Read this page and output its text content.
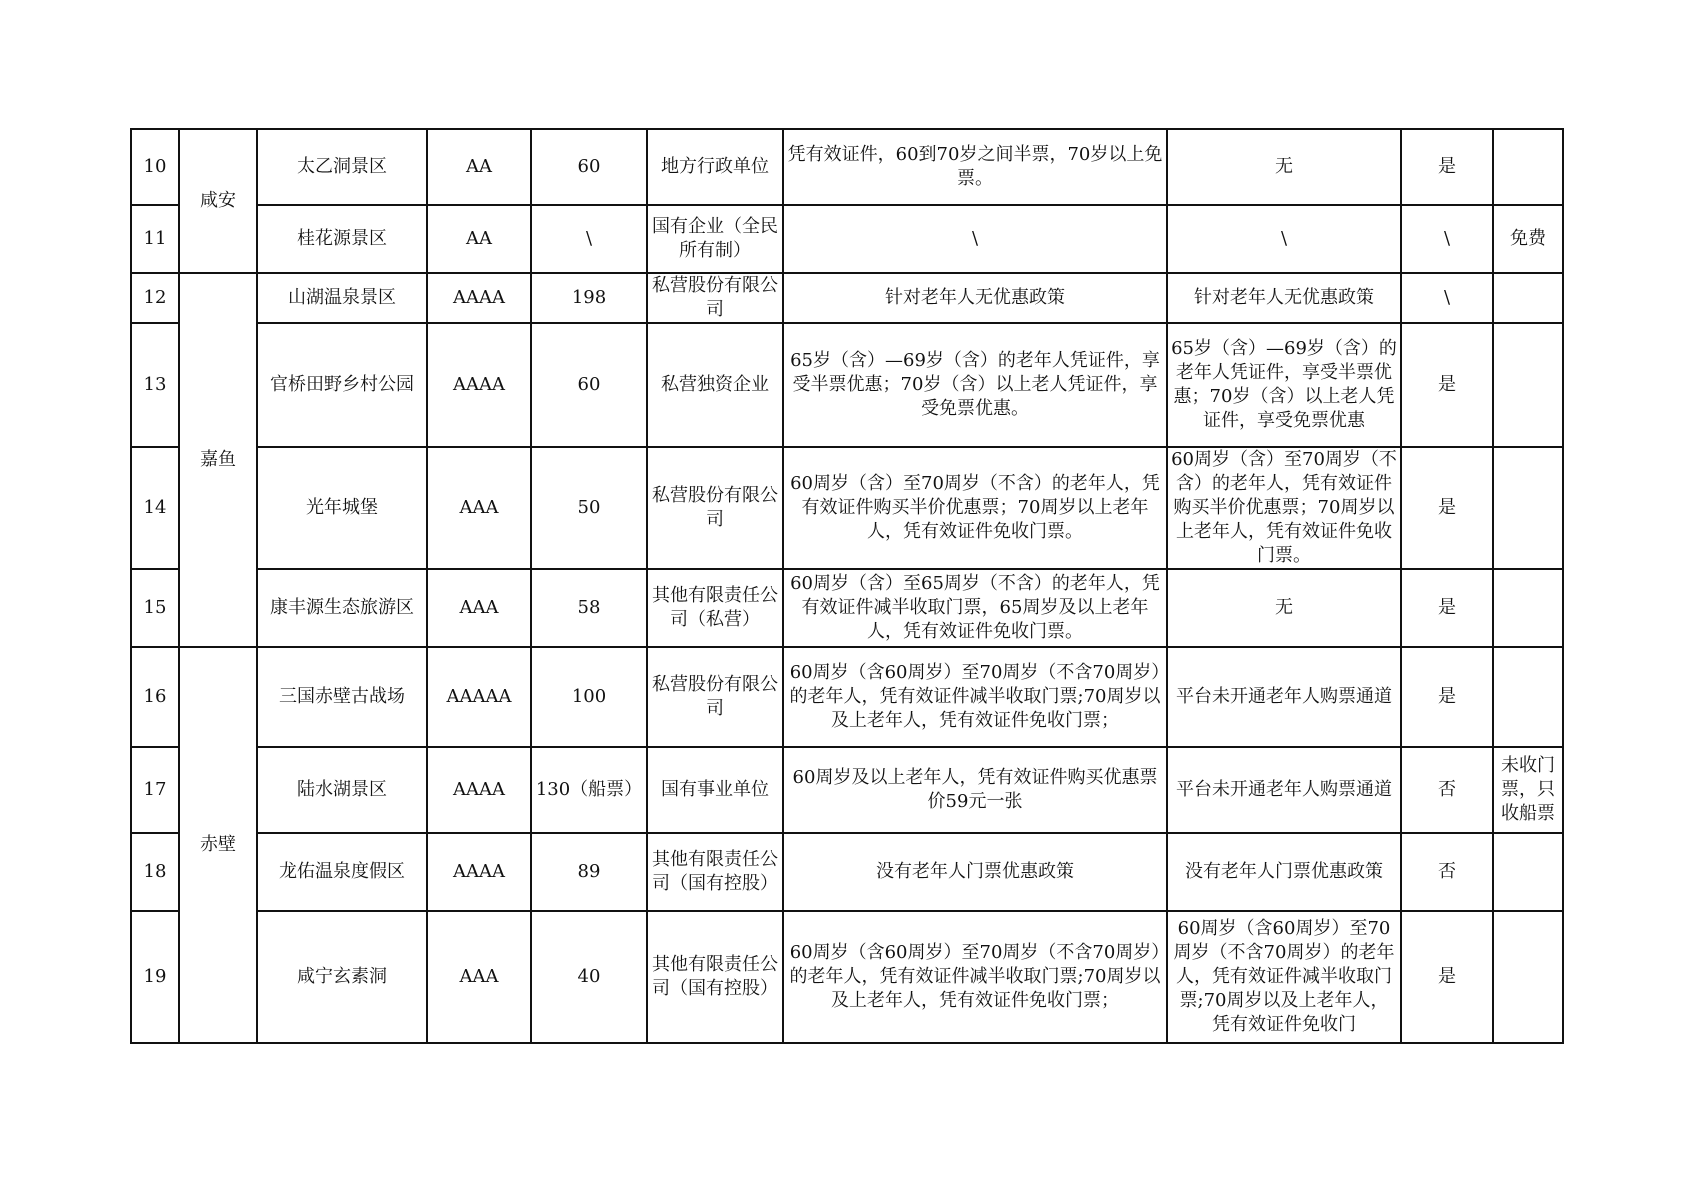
10	咸安	太乙洞景区	AA	60	地方行政单位	凭有效证件，60到70岁之间半票，70岁以上免票。	无	是	
11		桂花源景区	AA	\	国有企业（全民所有制）	\	\	\	免费
12	嘉鱼	山湖温泉景区	AAAA	198	私营股份有限公司	针对老年人无优惠政策	针对老年人无优惠政策	\	
13		官桥田野乡村公园	AAAA	60	私营独资企业	65岁（含）—69岁（含）的老年人凭证件，享受半票优惠；70岁（含）以上老人凭证件，享受免票优惠。	65岁（含）—69岁（含）的老年人凭证件，享受半票优惠；70岁（含）以上老人凭证件，享受免票优惠	是	
14		光年城堡	AAA	50	私营股份有限公司	60周岁（含）至70周岁（不含）的老年人，凭有效证件购买半价优惠票；70周岁以上老年人，凭有效证件免收门票。	60周岁（含）至70周岁（不含）的老年人，凭有效证件购买半价优惠票；70周岁以上老年人，凭有效证件免收门票。	是	
15		康丰源生态旅游区	AAA	58	其他有限责任公司（私营）	60周岁（含）至65周岁（不含）的老年人，凭有效证件减半收取门票，65周岁及以上老年人，凭有效证件免收门票。	无	是	
16	赤壁	三国赤壁古战场	AAAAA	100	私营股份有限公司	60周岁（含60周岁）至70周岁（不含70周岁）的老年人，凭有效证件减半收取门票;70周岁以及上老年人，凭有效证件免收门票；	平台未开通老年人购票通道	是	
17		陆水湖景区	AAAA	130（船票）	国有事业单位	60周岁及以上老年人，凭有效证件购买优惠票价59元一张	平台未开通老年人购票通道	否	未收门票，只收船票
18		龙佑温泉度假区	AAAA	89	其他有限责任公司（国有控股）	没有老年人门票优惠政策	没有老年人门票优惠政策	否	
19		咸宁玄素洞	AAA	40	其他有限责任公司（国有控股）	60周岁（含60周岁）至70周岁（不含70周岁）的老年人，凭有效证件减半收取门票;70周岁以及上老年人，凭有效证件免收门票；	60周岁（含60周岁）至70周岁（不含70周岁）的老年人，凭有效证件减半收取门票;70周岁以及上老年人，凭有效证件免收门	是	
